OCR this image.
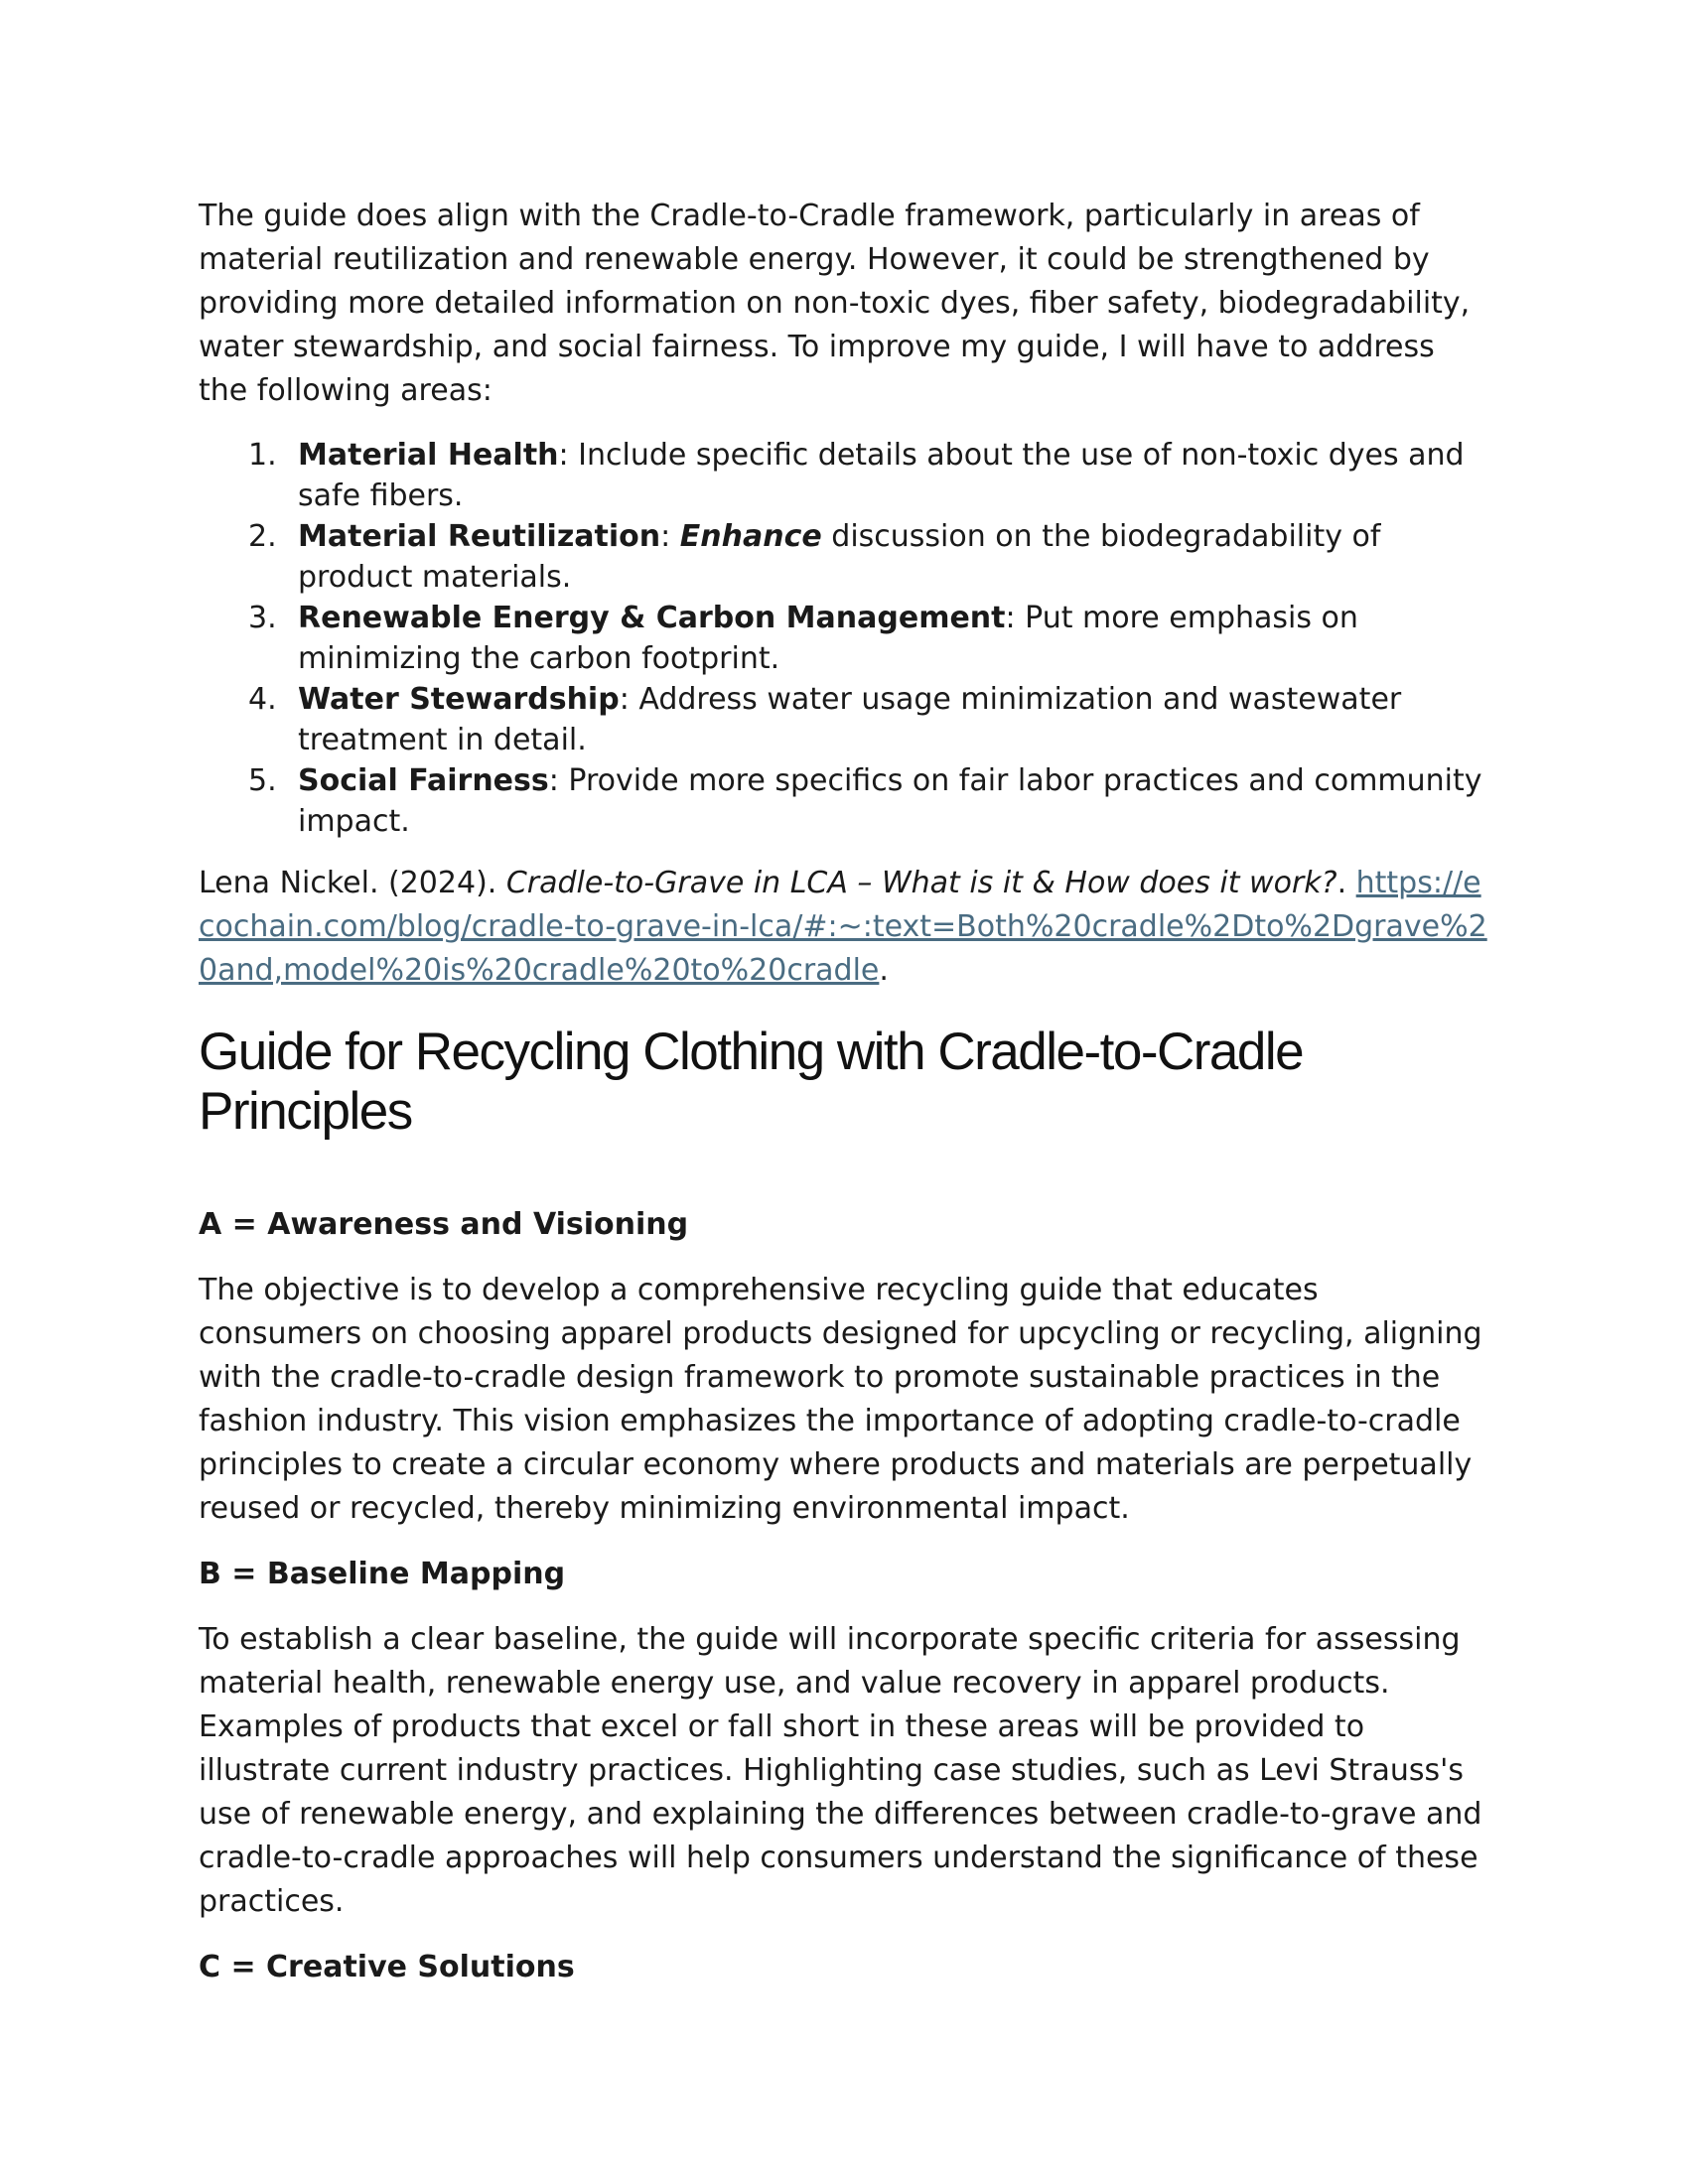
The guide does align with the Cradle-to-Cradle framework, particularly in areas of material reutilization and renewable energy. However, it could be strengthened by providing more detailed information on non-toxic dyes, fiber safety, biodegradability, water stewardship, and social fairness. To improve my guide, I will have to address the following areas:

1. Material Health: Include specific details about the use of non-toxic dyes and safe fibers.
2. Material Reutilization: Enhance discussion on the biodegradability of product materials.
3. Renewable Energy & Carbon Management: Put more emphasis on minimizing the carbon footprint.
4. Water Stewardship: Address water usage minimization and wastewater treatment in detail.
5. Social Fairness: Provide more specifics on fair labor practices and community impact.

Lena Nickel. (2024). Cradle-to-Grave in LCA – What is it & How does it work?. https://ecochain.com/blog/cradle-to-grave-in-lca/#:~:text=Both%20cradle%2Dto%2Dgrave%20and,model%20is%20cradle%20to%20cradle.

Guide for Recycling Clothing with Cradle-to-Cradle Principles
A = Awareness and Visioning

The objective is to develop a comprehensive recycling guide that educates consumers on choosing apparel products designed for upcycling or recycling, aligning with the cradle-to-cradle design framework to promote sustainable practices in the fashion industry. This vision emphasizes the importance of adopting cradle-to-cradle principles to create a circular economy where products and materials are perpetually reused or recycled, thereby minimizing environmental impact.

B = Baseline Mapping

To establish a clear baseline, the guide will incorporate specific criteria for assessing material health, renewable energy use, and value recovery in apparel products. Examples of products that excel or fall short in these areas will be provided to illustrate current industry practices. Highlighting case studies, such as Levi Strauss's use of renewable energy, and explaining the differences between cradle-to-grave and cradle-to-cradle approaches will help consumers understand the significance of these practices.

C = Creative Solutions
